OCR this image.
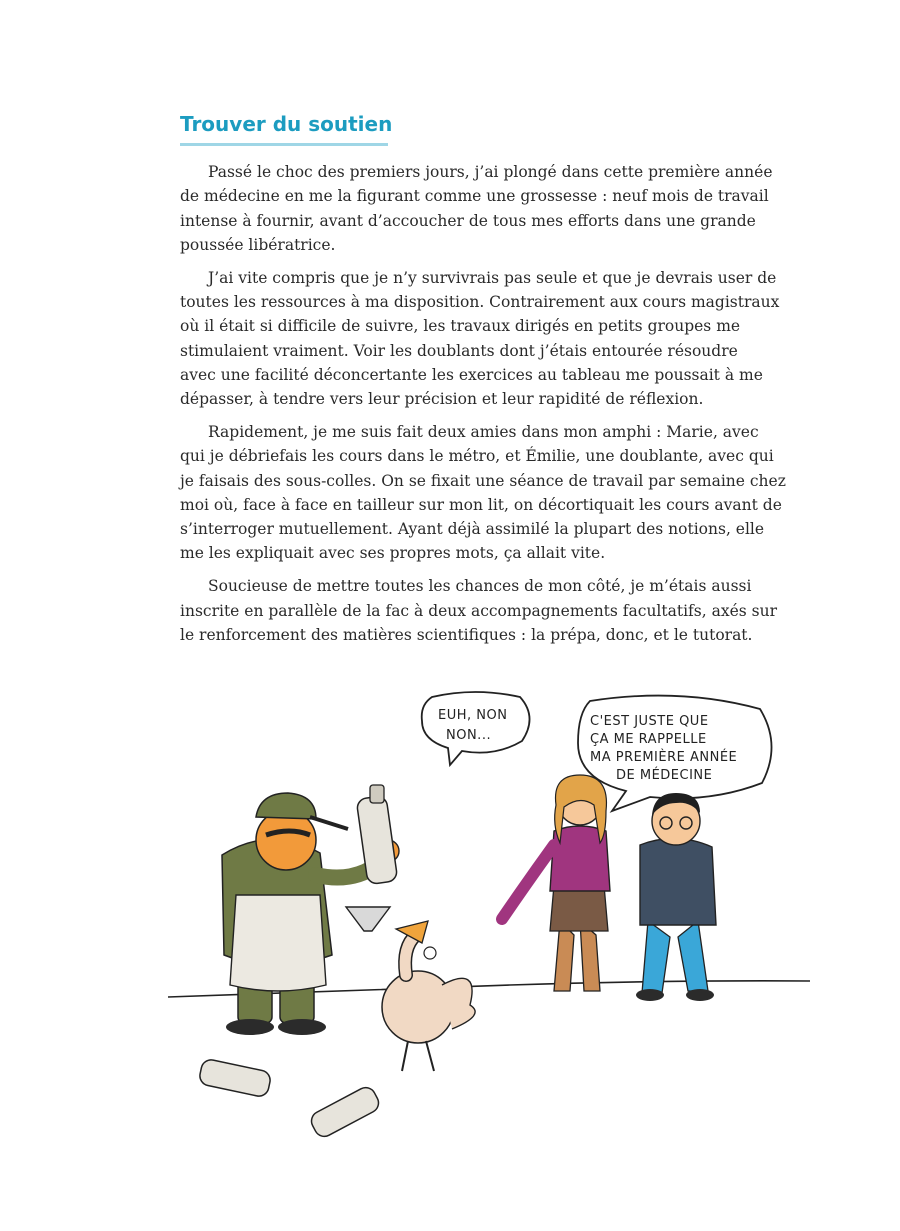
Trouver du soutien

Passé le choc des premiers jours, j’ai plongé dans cette première année
de médecine en me la figurant comme une grossesse : neuf mois de travail
intense à fournir, avant d’accoucher de tous mes efforts dans une grande
poussée libératrice.

J’ai vite compris que je n’y survivrais pas seule et que je devrais user de
toutes les ressources à ma disposition. Contrairement aux cours magistraux
où il était si difficile de suivre, les travaux dirigés en petits groupes me
stimulaient vraiment. Voir les doublants dont j’étais entourée résoudre
avec une facilité déconcertante les exercices au tableau me poussait à me
dépasser, à tendre vers leur précision et leur rapidité de réflexion.

Rapidement, je me suis fait deux amies dans mon amphi : Marie, avec
qui je débriefais les cours dans le métro, et Émilie, une doublante, avec qui
je faisais des sous-colles. On se fixait une séance de travail par semaine chez
moi où, face à face en tailleur sur mon lit, on décortiquait les cours avant de
s’interroger mutuellement. Ayant déjà assimilé la plupart des notions, elle
me les expliquait avec ses propres mots, ça allait vite.

Soucieuse de mettre toutes les chances de mon côté, je m’étais aussi
inscrite en parallèle de la fac à deux accompagnements facultatifs, axés sur
le renforcement des matières scientifiques : la prépa, donc, et le tutorat.

EUH, NON
NON...
C'EST JUSTE QUE
ÇA ME RAPPELLE
MA PREMIÈRE ANNÉE
DE MÉDECINE
